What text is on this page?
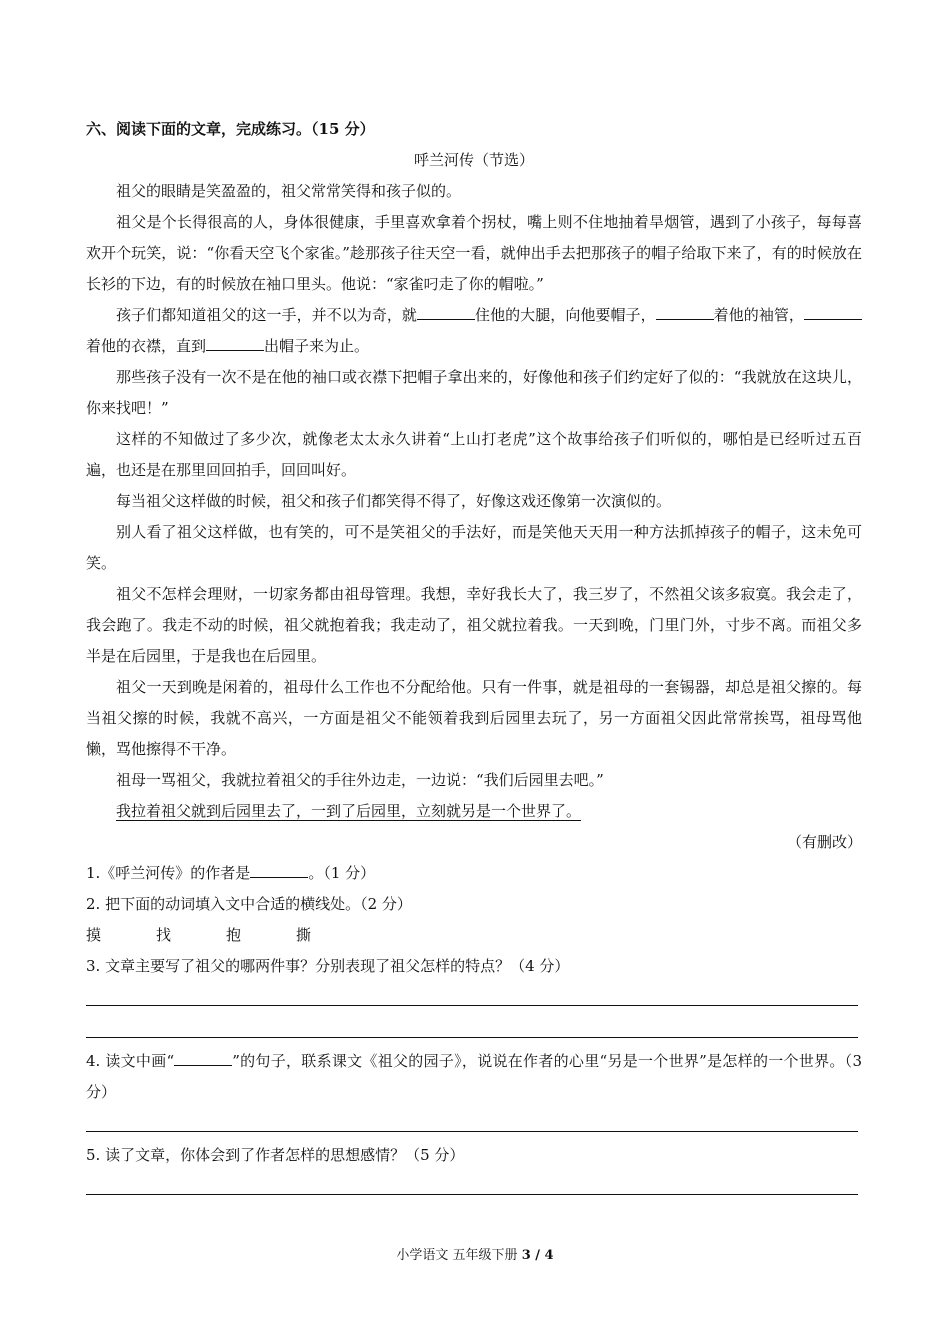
六、阅读下面的文章，完成练习。（15 分）
呼兰河传（节选）
祖父的眼睛是笑盈盈的，祖父常常笑得和孩子似的。
祖父是个长得很高的人，身体很健康，手里喜欢拿着个拐杖，嘴上则不住地抽着旱烟管，遇到了小孩子，每每喜欢开个玩笑，说：“你看天空飞个家雀。”趁那孩子往天空一看，就伸出手去把那孩子的帽子给取下来了，有的时候放在长衫的下边，有的时候放在袖口里头。他说：“家雀叼走了你的帽啦。”
孩子们都知道祖父的这一手，并不以为奇，就	住他的大腿，向他要帽子，	着他的袖管，着他的衣襟，直到	出帽子来为止。
那些孩子没有一次不是在他的袖口或衣襟下把帽子拿出来的，好像他和孩子们约定好了似的：“我就放在这块儿，你来找吧！”
这样的不知做过了多少次，就像老太太永久讲着“上山打老虎”这个故事给孩子们听似的，哪怕是已经听过五百遍，也还是在那里回回拍手，回回叫好。
每当祖父这样做的时候，祖父和孩子们都笑得不得了，好像这戏还像第一次演似的。
别人看了祖父这样做，也有笑的，可不是笑祖父的手法好，而是笑他天天用一种方法抓掉孩子的帽子，这未免可笑。
祖父不怎样会理财，一切家务都由祖母管理。我想，幸好我长大了，我三岁了，不然祖父该多寂寞。我会走了，我会跑了。我走不动的时候，祖父就抱着我；我走动了，祖父就拉着我。一天到晚，门里门外，寸步不离。而祖父多半是在后园里，于是我也在后园里。
祖父一天到晚是闲着的，祖母什么工作也不分配给他。只有一件事，就是祖母的一套锡器，却总是祖父擦的。每当祖父擦的时候，我就不高兴，一方面是祖父不能领着我到后园里去玩了，另一方面祖父因此常常挨骂，祖母骂他懒，骂他擦得不干净。
祖母一骂祖父，我就拉着祖父的手往外边走，一边说：“我们后园里去吧。”
我拉着祖父就到后园里去了，一到了后园里，立刻就另是一个世界了。
（有删改）
1.《呼兰河传》的作者是	。（1 分）
2. 把下面的动词填入文中合适的横线处。（2 分）
摸	找	抱	撕
3. 文章主要写了祖父的哪两件事？分别表现了祖父怎样的特点？（4 分）
4. 读文中画“	”的句子，联系课文《祖父的园子》，说说在作者的心里“另是一个世界”是怎样的一个世界。（3 分）
5. 读了文章，你体会到了作者怎样的思想感情？（5 分）
小学语文 五年级下册 3 / 4
